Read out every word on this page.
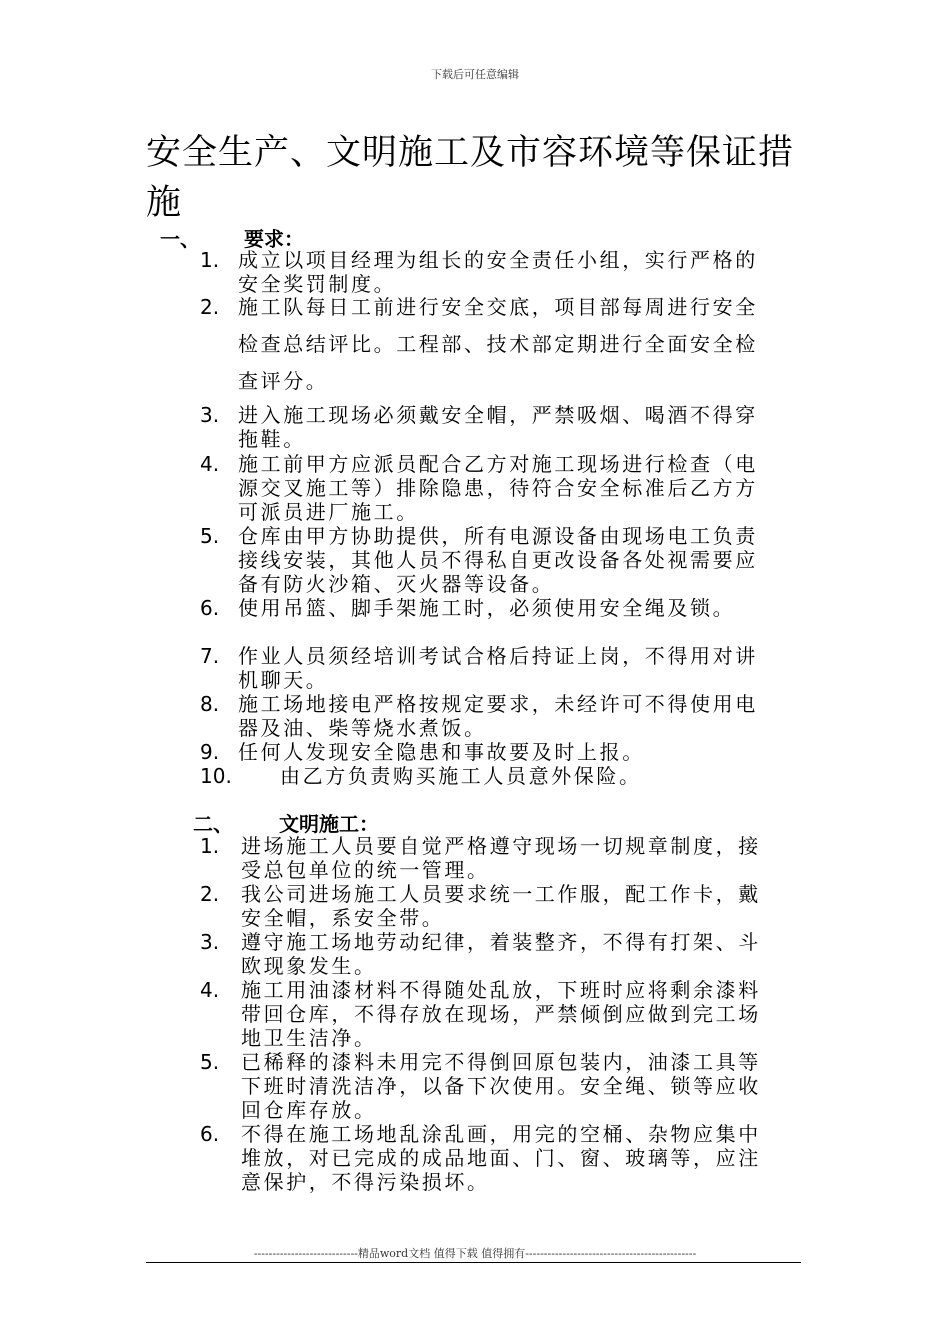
下载后可任意编辑
安全生产、文明施工及市容环境等保证措施
一、 要求：
1. 成立以项目经理为组长的安全责任小组，实行严格的安全奖罚制度。
2. 施工队每日工前进行安全交底，项目部每周进行安全检查总结评比。工程部、技术部定期进行全面安全检查评分。
3. 进入施工现场必须戴安全帽，严禁吸烟、喝酒不得穿拖鞋。
4. 施工前甲方应派员配合乙方对施工现场进行检查（电源交叉施工等）排除隐患，待符合安全标准后乙方方可派员进厂施工。
5. 仓库由甲方协助提供，所有电源设备由现场电工负责接线安装，其他人员不得私自更改设备各处视需要应备有防火沙箱、灭火器等设备。
6. 使用吊篮、脚手架施工时，必须使用安全绳及锁。
7. 作业人员须经培训考试合格后持证上岗，不得用对讲机聊天。
8. 施工场地接电严格按规定要求，未经许可不得使用电器及油、柴等烧水煮饭。
9. 任何人发现安全隐患和事故要及时上报。
10. 由乙方负责购买施工人员意外保险。
二、 文明施工：
1. 进场施工人员要自觉严格遵守现场一切规章制度，接受总包单位的统一管理。
2. 我公司进场施工人员要求统一工作服，配工作卡，戴安全帽，系安全带。
3. 遵守施工场地劳动纪律，着装整齐，不得有打架、斗欧现象发生。
4. 施工用油漆材料不得随处乱放，下班时应将剩余漆料带回仓库，不得存放在现场，严禁倾倒应做到完工场地卫生洁净。
5. 已稀释的漆料未用完不得倒回原包装内，油漆工具等下班时清洗洁净，以备下次使用。安全绳、锁等应收回仓库存放。
6. 不得在施工场地乱涂乱画，用完的空桶、杂物应集中堆放，对已完成的成品地面、门、窗、玻璃等，应注意保护，不得污染损坏。
----------------------------精品word文档 值得下载 值得拥有----------------------------------------------
